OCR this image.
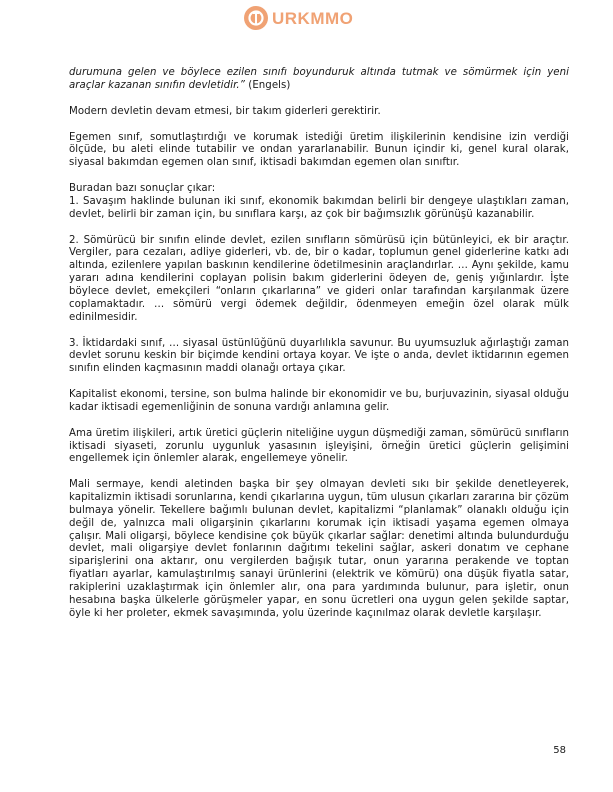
URKMMO

durumuna gelen ve böylece ezilen sınıfı boyunduruk altında tutmak ve sömürmek için yeni araçlar kazanan sınıfın devletidir.” (Engels)

Modern devletin devam etmesi, bir takım giderleri gerektirir.

Egemen sınıf, somutlaştırdığı ve korumak istediği üretim ilişkilerinin kendisine izin verdiği ölçüde, bu aleti elinde tutabilir ve ondan yararlanabilir. Bunun içindir ki, genel kural olarak, siyasal bakımdan egemen olan sınıf, iktisadi bakımdan egemen olan sınıftır.

Buradan bazı sonuçlar çıkar:

1. Savaşım haklinde bulunan iki sınıf, ekonomik bakımdan belirli bir dengeye ulaştıkları zaman, devlet, belirli bir zaman için, bu sınıflara karşı, az çok bir bağımsızlık görünüşü kazanabilir.

2. Sömürücü bir sınıfın elinde devlet, ezilen sınıfların sömürüsü için bütünleyici, ek bir araçtır. Vergiler, para cezaları, adliye giderleri, vb. de, bir o kadar, toplumun genel giderlerine katkı adı altında, ezilenlere yapılan baskının kendilerine ödetilmesinin araçlandırlar. … Aynı şekilde, kamu yararı adına kendilerini coplayan polisin bakım giderlerini ödeyen de, geniş yığınlardır. İşte böylece devlet, emekçileri “onların çıkarlarına” ve gideri onlar tarafından karşılanmak üzere coplamaktadır. … sömürü vergi ödemek değildir, ödenmeyen emeğin özel olarak mülk edinilmesidir.

3. İktidardaki sınıf, … siyasal üstünlüğünü duyarlılıkla savunur. Bu uyumsuzluk ağırlaştığı zaman devlet sorunu keskin bir biçimde kendini ortaya koyar. Ve işte o anda, devlet iktidarının egemen sınıfın elinden kaçmasının maddi olanağı ortaya çıkar.

Kapitalist ekonomi, tersine, son bulma halinde bir ekonomidir ve bu, burjuvazinin, siyasal olduğu kadar iktisadi egemenliğinin de sonuna vardığı anlamına gelir.

Ama üretim ilişkileri, artık üretici güçlerin niteliğine uygun düşmediği zaman, sömürücü sınıfların iktisadi siyaseti, zorunlu uygunluk yasasının işleyişini, örneğin üretici güçlerin gelişimini engellemek için önlemler alarak, engellemeye yönelir.

Mali sermaye, kendi aletinden başka bir şey olmayan devleti sıkı bir şekilde denetleyerek, kapitalizmin iktisadi sorunlarına, kendi çıkarlarına uygun, tüm ulusun çıkarları zararına bir çözüm bulmaya yönelir. Tekellere bağımlı bulunan devlet, kapitalizmi “planlamak” olanaklı olduğu için değil de, yalnızca mali oligarşinin çıkarlarını korumak için iktisadi yaşama egemen olmaya çalışır. Mali oligarşi, böylece kendisine çok büyük çıkarlar sağlar: denetimi altında bulundurduğu devlet, mali oligarşiye devlet fonlarının dağıtımı tekelini sağlar, askeri donatım ve cephane siparişlerini ona aktarır, onu vergilerden bağışık tutar, onun yararına perakende ve toptan fiyatları ayarlar, kamulaştırılmış sanayi ürünlerini (elektrik ve kömürü) ona düşük fiyatla satar, rakiplerini uzaklaştırmak için önlemler alır, ona para yardımında bulunur, para işletir, onun hesabına başka ülkelerle görüşmeler yapar, en sonu ücretleri ona uygun gelen şekilde saptar, öyle ki her proleter, ekmek savaşımında, yolu üzerinde kaçınılmaz olarak devletle karşılaşır.

58
